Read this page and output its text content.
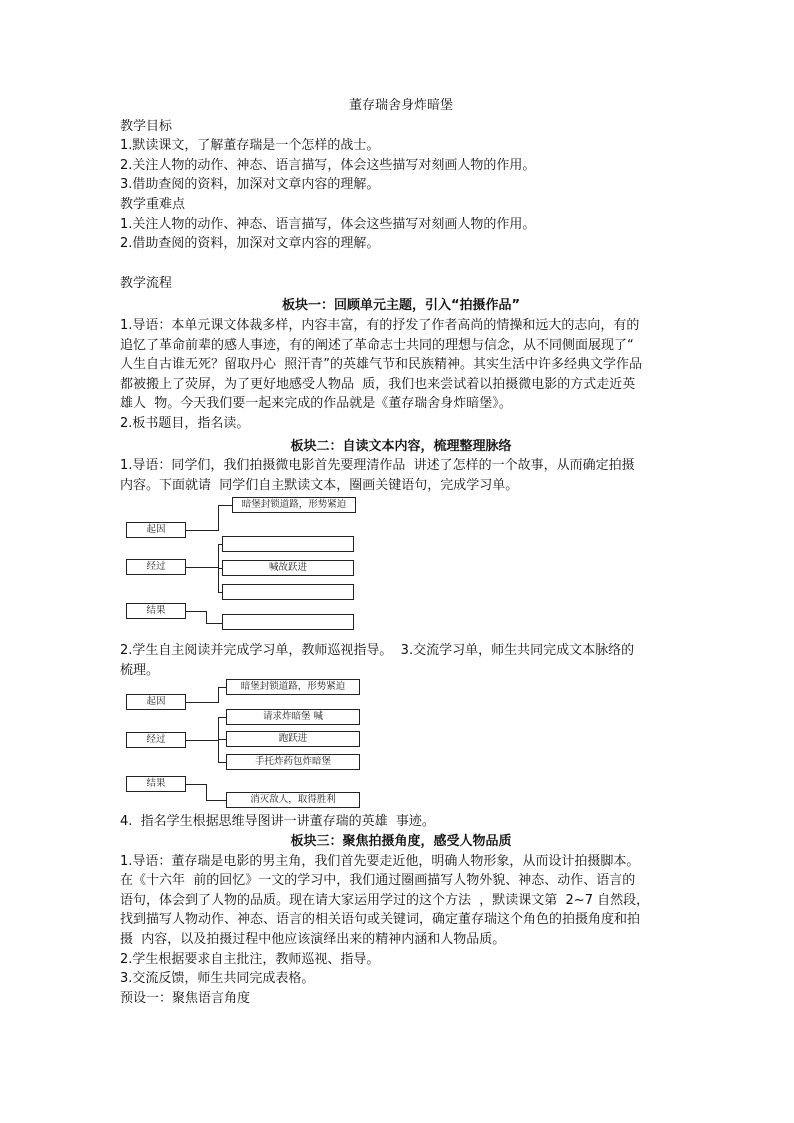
董存瑞舍身炸暗堡

教学目标

1.默读课文，了解董存瑞是一个怎样的战士。

2.关注人物的动作、神态、语言描写，体会这些描写对刻画人物的作用。

3.借助查阅的资料，加深对文章内容的理解。

教学重难点

1.关注人物的动作、神态、语言描写，体会这些描写对刻画人物的作用。

2.借助查阅的资料，加深对文章内容的理解。

教学流程

板块一：回顾单元主题，引入“拍摄作品”

1.导语：本单元课文体裁多样，内容丰富，有的抒发了作者高尚的情操和远大的志向，有的

追忆了革命前辈的感人事迹，有的阐述了革命志士共同的理想与信念，从不同侧面展现了“

人生自古谁无死？留取丹心  照汗青”的英雄气节和民族精神。其实生活中许多经典文学作品

都被搬上了荧屏，为了更好地感受人物品  质，我们也来尝试着以拍摄微电影的方式走近英

雄人  物。今天我们要一起来完成的作品就是《董存瑞舍身炸暗堡》。

2.板书题目，指名读。

板块二：自读文本内容，梳理整理脉络

1.导语：同学们，我们拍摄微电影首先要理清作品  讲述了怎样的一个故事，从而确定拍摄

内容。下面就请  同学们自主默读文本，圈画关键语句，完成学习单。

起因
经过
结果
暗堡封锁道路，形势紧迫
喊故跃进

2.学生自主阅读并完成学习单，教师巡视指导。  3.交流学习单，师生共同完成文本脉络的

梳理。

起因
经过
结果
暗堡封锁道路，形势紧迫
请求炸暗堡 喊
跑跃进
手托炸药包炸暗堡
消灭敌人，取得胜利

4.  指名学生根据思维导图讲一讲董存瑞的英雄  事迹。

板块三：聚焦拍摄角度，感受人物品质

1.导语：董存瑞是电影的男主角，我们首先要走近他，明确人物形象，从而设计拍摄脚本。

在《十六年  前的回忆》一文的学习中，我们通过圈画描写人物外貌、神态、动作、语言的

语句，体会到了人物的品质。现在请大家运用学过的这个方法  ，默读课文第  2~7 自然段，

找到描写人物动作、神态、语言的相关语句或关键词，确定董存瑞这个角色的拍摄角度和拍

摄  内容，以及拍摄过程中他应该演绎出来的精神内涵和人物品质。

2.学生根据要求自主批注，教师巡视、指导。

3.交流反馈，师生共同完成表格。

预设一：聚焦语言角度
